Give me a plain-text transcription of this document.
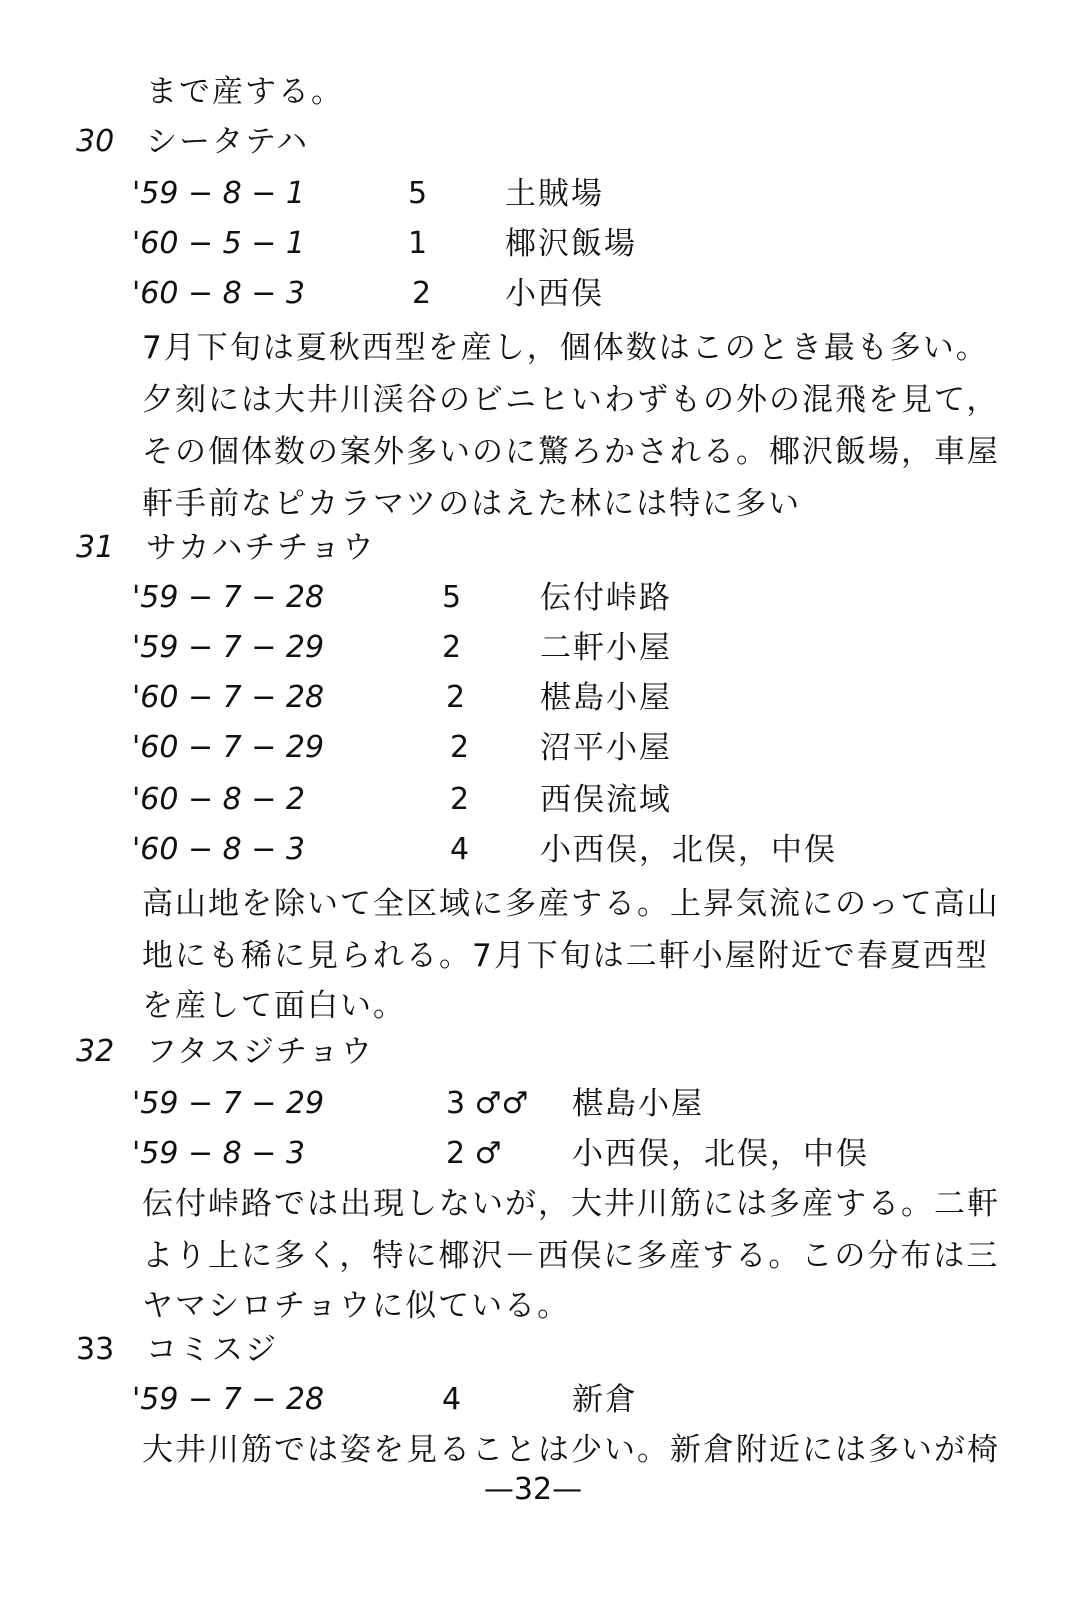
まで産する。
30 シータテハ
'59 − 8 − 1	5	土賊場
'60 − 5 − 1	1	椰沢飯場
'60 − 8 − 3	2 小西俣
7月下旬は夏秋西型を産し，個体数はこのとき最も多い。
夕刻には大井川渓谷のビニヒいわずもの外の混飛を見て，
その個体数の案外多いのに驚ろかされる。椰沢飯場，車屋
軒手前なピカラマツのはえた林には特に多い
31 サカハチチョウ
'59 − 7 − 28	5	伝付峠路
'59 − 7 − 29	2	二軒小屋
'60 − 7 − 28	2 椹島小屋
'60 − 7 − 29	2 沼平小屋
'60 − 8 − 2	2 西俣流域
'60 − 8 − 3	4 小西俣，北俣，中俣
高山地を除いて全区域に多産する。上昇気流にのって高山
地にも稀に見られる。7月下旬は二軒小屋附近で春夏西型
を産して面白い。
32 フタスジチョウ
'59 − 7 − 29	3 ♂♂ 椹島小屋
'59 − 8 − 3	2 ♂ 小西俣，北俣，中俣
伝付峠路では出現しないが，大井川筋には多産する。二軒
より上に多く，特に椰沢－西俣に多産する。この分布は三
ヤマシロチョウに似ている。
33 コミスジ
'59 − 7 − 28	4	新倉
大井川筋では姿を見ることは少い。新倉附近には多いが椅
—32—
